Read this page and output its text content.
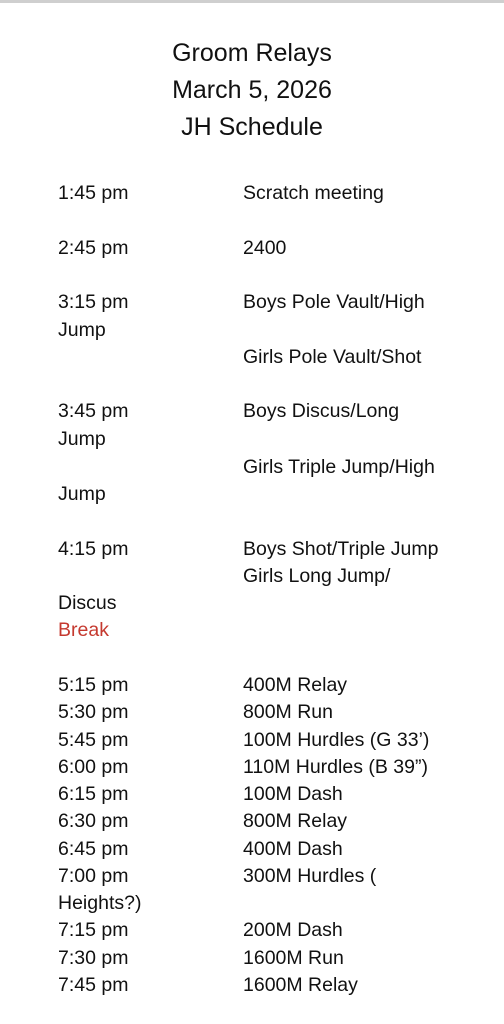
Groom Relays
March 5, 2026
JH Schedule
1:45 pm	Scratch meeting
2:45 pm	2400
3:15 pm	Boys Pole Vault/High
Jump
Girls Pole Vault/Shot
3:45 pm	Boys Discus/Long
Jump
Girls Triple Jump/High
Jump
4:15 pm	Boys Shot/Triple Jump
Girls Long Jump/
Discus
Break
5:15 pm	400M Relay
5:30 pm	800M Run
5:45 pm	100M Hurdles (G 33’)
6:00 pm	110M Hurdles (B 39”)
6:15 pm	100M Dash
6:30 pm	800M Relay
6:45 pm	400M Dash
7:00 pm	300M Hurdles (
Heights?)
7:15 pm	200M Dash
7:30 pm	1600M Run
7:45 pm	1600M Relay
